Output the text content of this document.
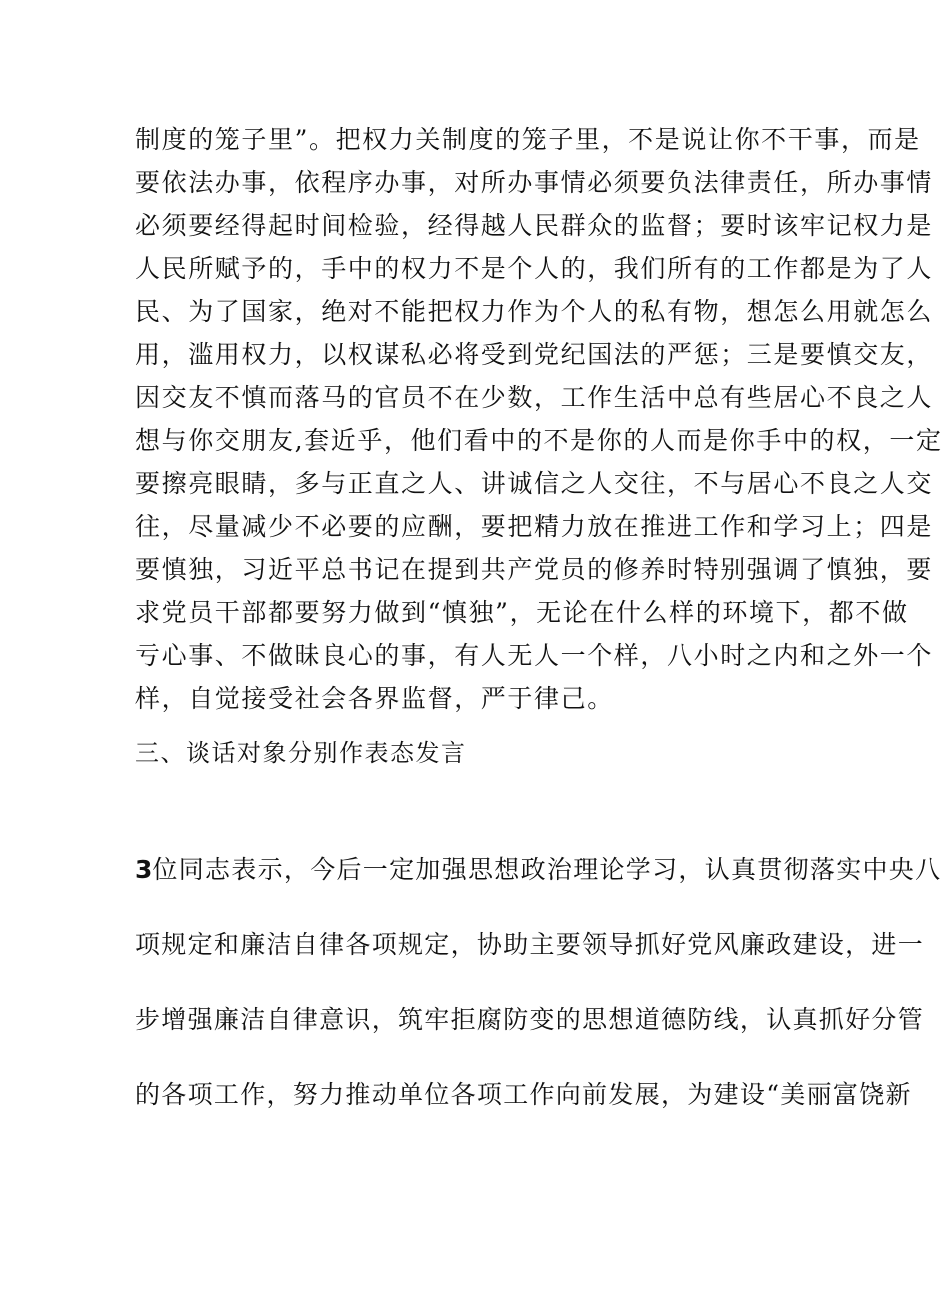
制度的笼子里”。把权力关制度的笼子里，不是说让你不干事，而是
要依法办事，依程序办事，对所办事情必须要负法律责任，所办事情
必须要经得起时间检验，经得越人民群众的监督；要时该牢记权力是
人民所赋予的，手中的权力不是个人的，我们所有的工作都是为了人
民、为了国家，绝对不能把权力作为个人的私有物，想怎么用就怎么
用，滥用权力，以权谋私必将受到党纪国法的严惩；三是要慎交友，
因交友不慎而落马的官员不在少数，工作生活中总有些居心不良之人
想与你交朋友,套近乎，他们看中的不是你的人而是你手中的权，一定
要擦亮眼睛，多与正直之人、讲诚信之人交往，不与居心不良之人交
往，尽量减少不必要的应酬，要把精力放在推进工作和学习上；四是
要慎独，习近平总书记在提到共产党员的修养时特别强调了慎独，要
求党员干部都要努力做到“慎独”，无论在什么样的环境下，都不做
亏心事、不做昧良心的事，有人无人一个样，八小时之内和之外一个
样，自觉接受社会各界监督，严于律己。
三、谈话对象分别作表态发言
3位同志表示，今后一定加强思想政治理论学习，认真贯彻落实中央八
项规定和廉洁自律各项规定，协助主要领导抓好党风廉政建设，进一
步增强廉洁自律意识，筑牢拒腐防变的思想道德防线，认真抓好分管
的各项工作，努力推动单位各项工作向前发展，为建设“美丽富饶新
